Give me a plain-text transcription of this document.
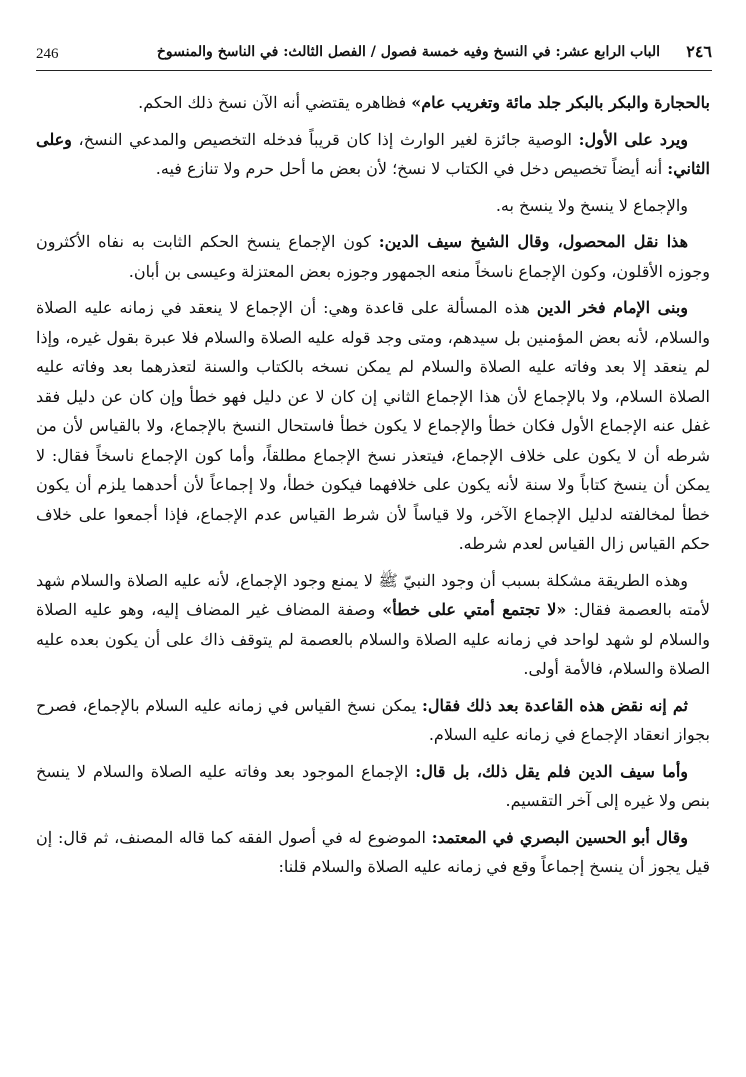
246	الباب الرابع عشر: في النسخ وفيه خمسة فصول / الفصل الثالث: في الناسخ والمنسوخ ٢٤٦

بالحجارة والبكر بالبكر جلد مائة وتغريب عام» فظاهره يقتضي أنه الآن نسخ ذلك الحكم.

ويرد على الأول: الوصية جائزة لغير الوارث إذا كان قريباً فدخله التخصيص والمدعي النسخ، وعلى الثاني: أنه أيضاً تخصيص دخل في الكتاب لا نسخ؛ لأن بعض ما أحل حرم ولا تنازع فيه.

والإجماع لا ينسخ ولا ينسخ به.

هذا نقل المحصول، وقال الشيخ سيف الدين: كون الإجماع ينسخ الحكم الثابت به نفاه الأكثرون وجوزه الأقلون، وكون الإجماع ناسخاً منعه الجمهور وجوزه بعض المعتزلة وعيسى بن أبان.

وبنى الإمام فخر الدين هذه المسألة على قاعدة وهي: أن الإجماع لا ينعقد في زمانه عليه الصلاة والسلام، لأنه بعض المؤمنين بل سيدهم، ومتى وجد قوله عليه الصلاة والسلام فلا عبرة بقول غيره، وإذا لم ينعقد إلا بعد وفاته عليه الصلاة والسلام لم يمكن نسخه بالكتاب والسنة لتعذرهما بعد وفاته عليه الصلاة السلام، ولا بالإجماع لأن هذا الإجماع الثاني إن كان لا عن دليل فهو خطأ وإن كان عن دليل فقد غفل عنه الإجماع الأول فكان خطأ والإجماع لا يكون خطأ فاستحال النسخ بالإجماع، ولا بالقياس لأن من شرطه أن لا يكون على خلاف الإجماع، فيتعذر نسخ الإجماع مطلقاً، وأما كون الإجماع ناسخاً فقال: لا يمكن أن ينسخ كتاباً ولا سنة لأنه يكون على خلافهما فيكون خطأ، ولا إجماعاً لأن أحدهما يلزم أن يكون خطأ لمخالفته لدليل الإجماع الآخر، ولا قياساً لأن شرط القياس عدم الإجماع، فإذا أجمعوا على خلاف حكم القياس زال القياس لعدم شرطه.

وهذه الطريقة مشكلة بسبب أن وجود النبيّ ﷺ لا يمنع وجود الإجماع، لأنه عليه الصلاة والسلام شهد لأمته بالعصمة فقال: «لا تجتمع أمتي على خطأ» وصفة المضاف غير المضاف إليه، وهو عليه الصلاة والسلام لو شهد لواحد في زمانه عليه الصلاة والسلام بالعصمة لم يتوقف ذاك على أن يكون بعده عليه الصلاة والسلام، فالأمة أولى.

ثم إنه نقض هذه القاعدة بعد ذلك فقال: يمكن نسخ القياس في زمانه عليه السلام بالإجماع، فصرح بجواز انعقاد الإجماع في زمانه عليه السلام.

وأما سيف الدين فلم يقل ذلك، بل قال: الإجماع الموجود بعد وفاته عليه الصلاة والسلام لا ينسخ بنص ولا غيره إلى آخر التقسيم.

وقال أبو الحسين البصري في المعتمد: الموضوع له في أصول الفقه كما قاله المصنف، ثم قال: إن قيل يجوز أن ينسخ إجماعاً وقع في زمانه عليه الصلاة والسلام قلنا:
